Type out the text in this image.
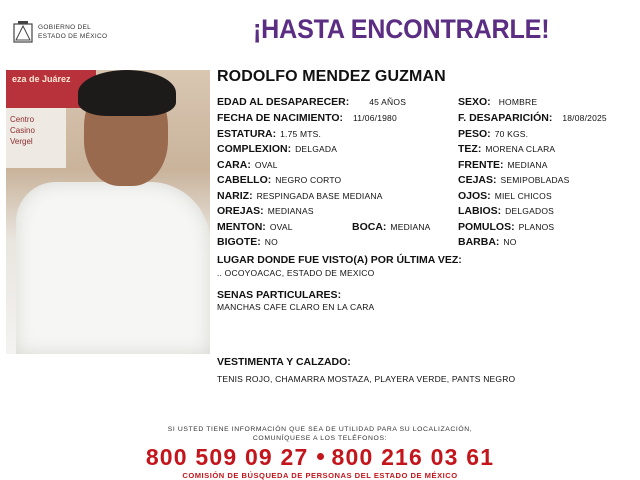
GOBIERNO DEL
ESTADO DE MÉXICO	¡HASTA ENCONTRARLE!
eza de Juárez
Centro
Casino
Vergel
RODOLFO MENDEZ GUZMAN
EDAD AL DESAPARECER: 45 AÑOS
FECHA DE NACIMIENTO: 11/06/1980
ESTATURA: 1.75 MTS.
COMPLEXION: DELGADA
CARA: OVAL
CABELLO: NEGRO CORTO
NARIZ: RESPINGADA BASE MEDIANA
OREJAS: MEDIANAS
MENTON: OVAL	BOCA: MEDIANA
BIGOTE: NO
SEXO: HOMBRE
F. DESAPARICIÓN: 18/08/2025
PESO: 70 KGS.
TEZ: MORENA CLARA
FRENTE: MEDIANA
CEJAS: SEMIPOBLADAS
OJOS: MIEL CHICOS
LABIOS: DELGADOS
POMULOS: PLANOS
BARBA: NO
LUGAR DONDE FUE VISTO(A) POR ÚLTIMA VEZ:
.. OCOYOACAC, ESTADO DE MEXICO
SENAS PARTICULARES:
MANCHAS CAFE CLARO EN LA CARA
VESTIMENTA Y CALZADO:
TENIS ROJO, CHAMARRA MOSTAZA, PLAYERA VERDE, PANTS NEGRO
SI USTED TIENE INFORMACIÓN QUE SEA DE UTILIDAD PARA SU LOCALIZACIÓN,
COMUNÍQUESE A LOS TELÉFONOS:
800 509 09 27 800 216 03 61
COMISIÓN DE BÚSQUEDA DE PERSONAS DEL ESTADO DE MÉXICO
